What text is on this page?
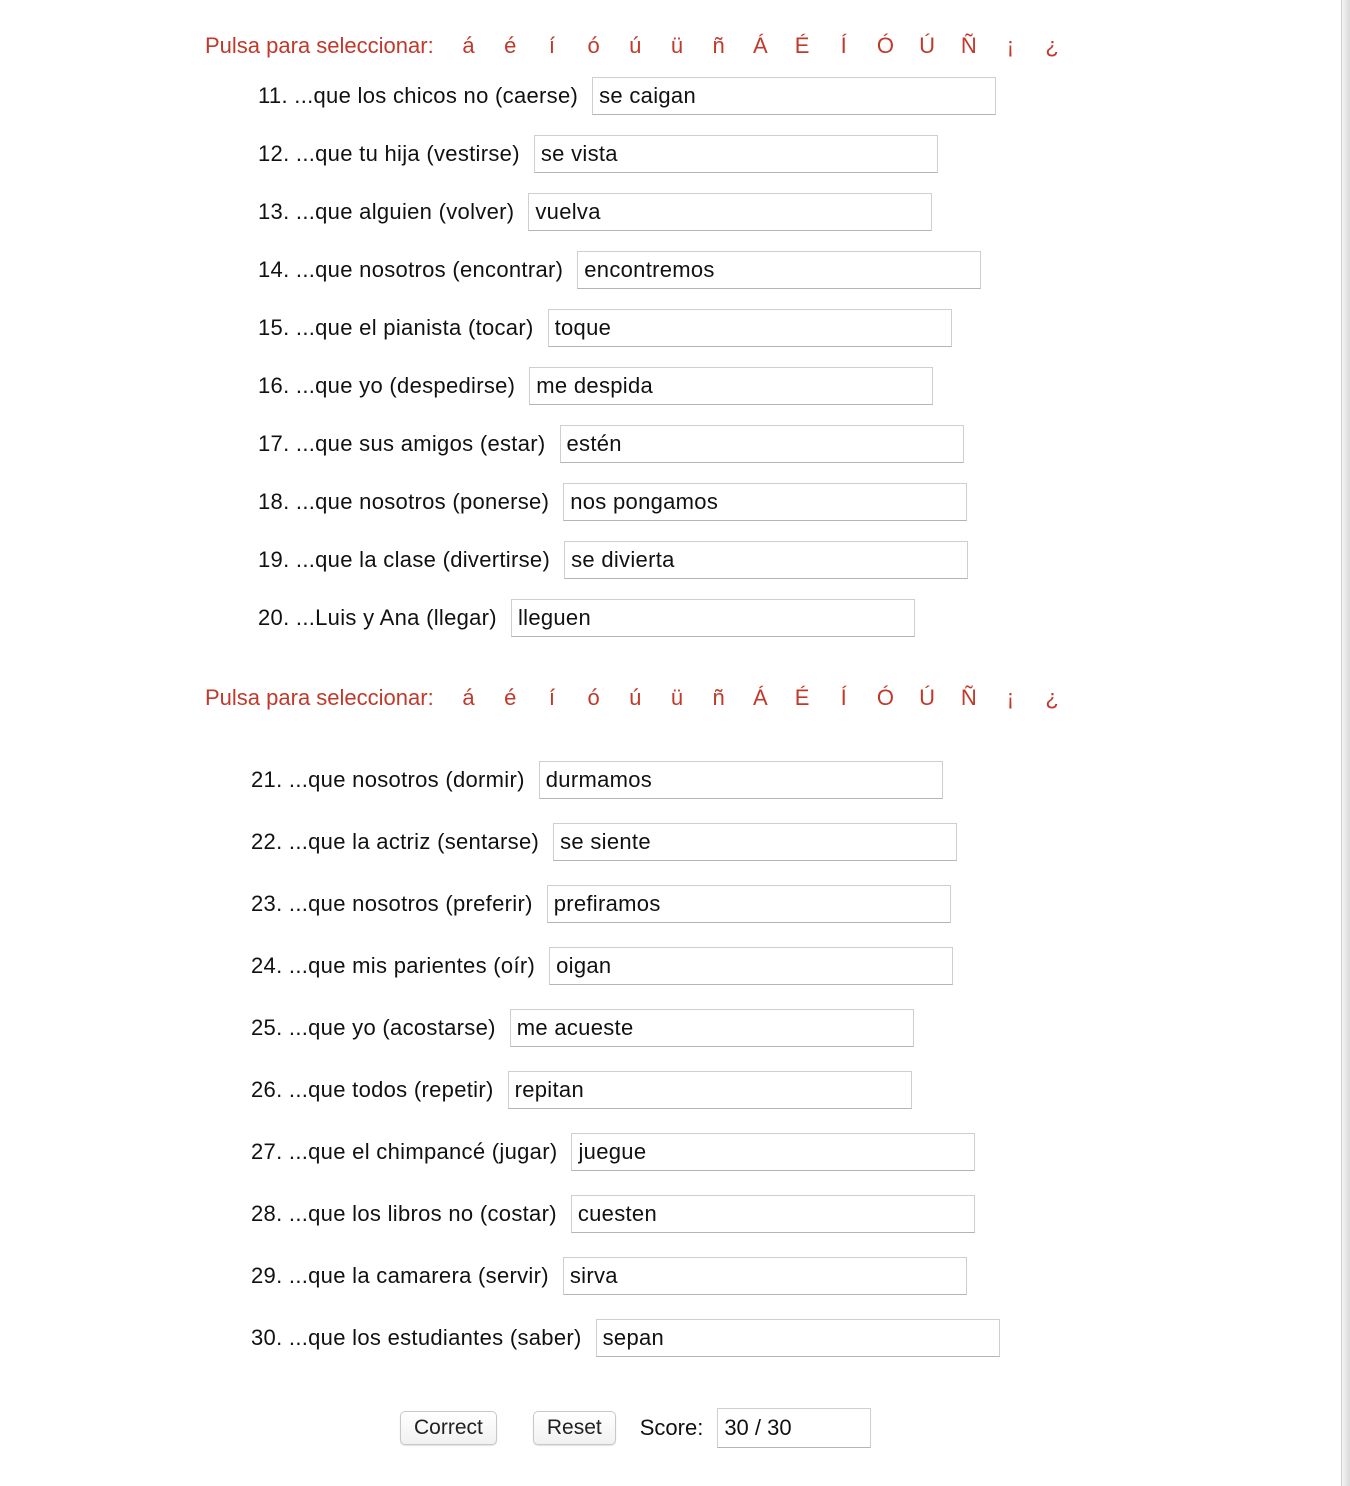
Pulsa para seleccionar:	á	é	í	ó	ú	ü	ñ	Á	É	Í	Ó	Ú	Ñ	¡	¿
11. ...que los chicos no (caerse)
se caigan
12. ...que tu hija (vestirse)
se vista
13. ...que alguien (volver)
vuelva
14. ...que nosotros (encontrar)
encontremos
15. ...que el pianista (tocar)
toque
16. ...que yo (despedirse)
me despida
17. ...que sus amigos (estar)
estén
18. ...que nosotros (ponerse)
nos pongamos
19. ...que la clase (divertirse)
se divierta
20. ...Luis y Ana (llegar)
lleguen
Pulsa para seleccionar:	á	é	í	ó	ú	ü	ñ	Á	É	Í	Ó	Ú	Ñ	¡	¿
21. ...que nosotros (dormir)
durmamos
22. ...que la actriz (sentarse)
se siente
23. ...que nosotros (preferir)
prefiramos
24. ...que mis parientes (oír)
oigan
25. ...que yo (acostarse)
me acueste
26. ...que todos (repetir)
repitan
27. ...que el chimpancé (jugar)
juegue
28. ...que los libros no (costar)
cuesten
29. ...que la camarera (servir)
sirva
30. ...que los estudiantes (saber)
sepan
Correct	Reset	Score:
30 / 30
